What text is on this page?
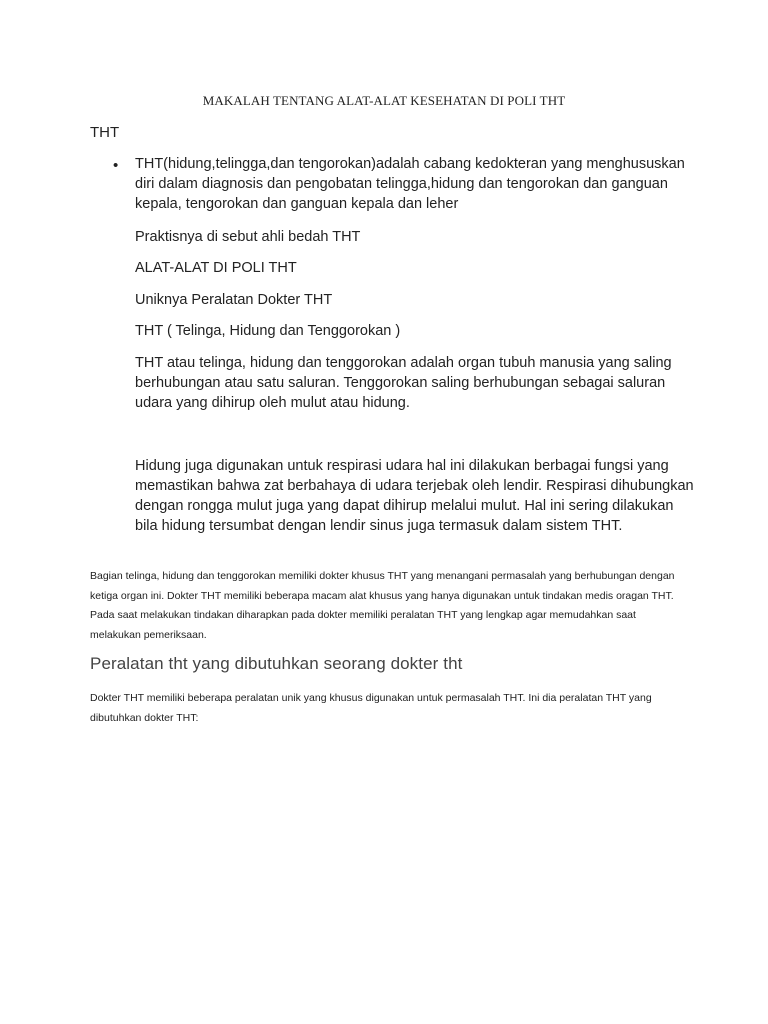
MAKALAH TENTANG ALAT-ALAT KESEHATAN DI POLI THT
THT
• THT(hidung,telingga,dan tengorokan)adalah cabang kedokteran yang menghususkan diri dalam diagnosis dan pengobatan telingga,hidung dan tengorokan dan ganguan kepala, tengorokan dan ganguan kepala dan leher
Praktisnya di sebut ahli bedah THT
ALAT-ALAT DI POLI THT
Uniknya Peralatan Dokter THT
THT ( Telinga, Hidung dan Tenggorokan )
THT atau telinga, hidung dan tenggorokan adalah organ tubuh manusia yang saling berhubungan atau satu saluran. Tenggorokan saling berhubungan sebagai saluran udara yang dihirup oleh mulut atau hidung.
Hidung juga digunakan untuk respirasi udara hal ini dilakukan berbagai fungsi yang memastikan bahwa zat berbahaya di udara terjebak oleh lendir. Respirasi dihubungkan dengan rongga mulut juga yang dapat dihirup melalui mulut. Hal ini sering dilakukan bila hidung tersumbat dengan lendir sinus juga termasuk dalam sistem THT.
Bagian telinga, hidung dan tenggorokan memiliki dokter khusus THT yang menangani permasalah yang berhubungan dengan ketiga organ ini. Dokter THT memiliki beberapa macam alat khusus yang hanya digunakan untuk tindakan medis oragan THT. Pada saat melakukan tindakan diharapkan pada dokter memiliki peralatan THT yang lengkap agar memudahkan saat melakukan pemeriksaan.
Peralatan tht yang dibutuhkan seorang dokter tht
Dokter THT memiliki beberapa peralatan unik yang khusus digunakan untuk permasalah THT. Ini dia peralatan THT yang dibutuhkan dokter THT:
